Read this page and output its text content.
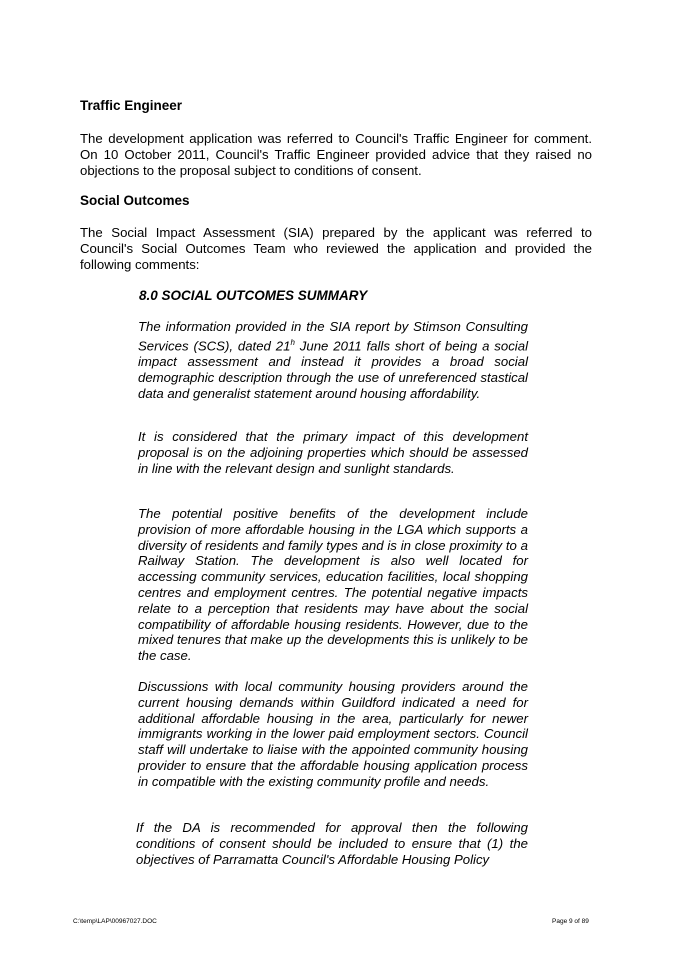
Traffic Engineer

The development application was referred to Council's Traffic Engineer for comment. On 10 October 2011, Council's Traffic Engineer provided advice that they raised no objections to the proposal subject to conditions of consent.

Social Outcomes

The Social Impact Assessment (SIA) prepared by the applicant was referred to Council's Social Outcomes Team who reviewed the application and provided the following comments:

8.0 SOCIAL OUTCOMES SUMMARY

The information provided in the SIA report by Stimson Consulting Services (SCS), dated 21$^h$ June 2011 falls short of being a social impact assessment and instead it provides a broad social demographic description through the use of unreferenced stastical data and generalist statement around housing affordability.

It is considered that the primary impact of this development proposal is on the adjoining properties which should be assessed in line with the relevant design and sunlight standards.

The potential positive benefits of the development include provision of more affordable housing in the LGA which supports a diversity of residents and family types and is in close proximity to a Railway Station. The development is also well located for accessing community services, education facilities, local shopping centres and employment centres. The potential negative impacts relate to a perception that residents may have about the social compatibility of affordable housing residents. However, due to the mixed tenures that make up the developments this is unlikely to be the case.

Discussions with local community housing providers around the current housing demands within Guildford indicated a need for additional affordable housing in the area, particularly for newer immigrants working in the lower paid employment sectors. Council staff will undertake to liaise with the appointed community housing provider to ensure that the affordable housing application process in compatible with the existing community profile and needs.

If the DA is recommended for approval then the following conditions of consent should be included to ensure that (1) the objectives of Parramatta Council's Affordable Housing Policy

C:\temp\LAP\00967027.DOC	Page 9 of 89
